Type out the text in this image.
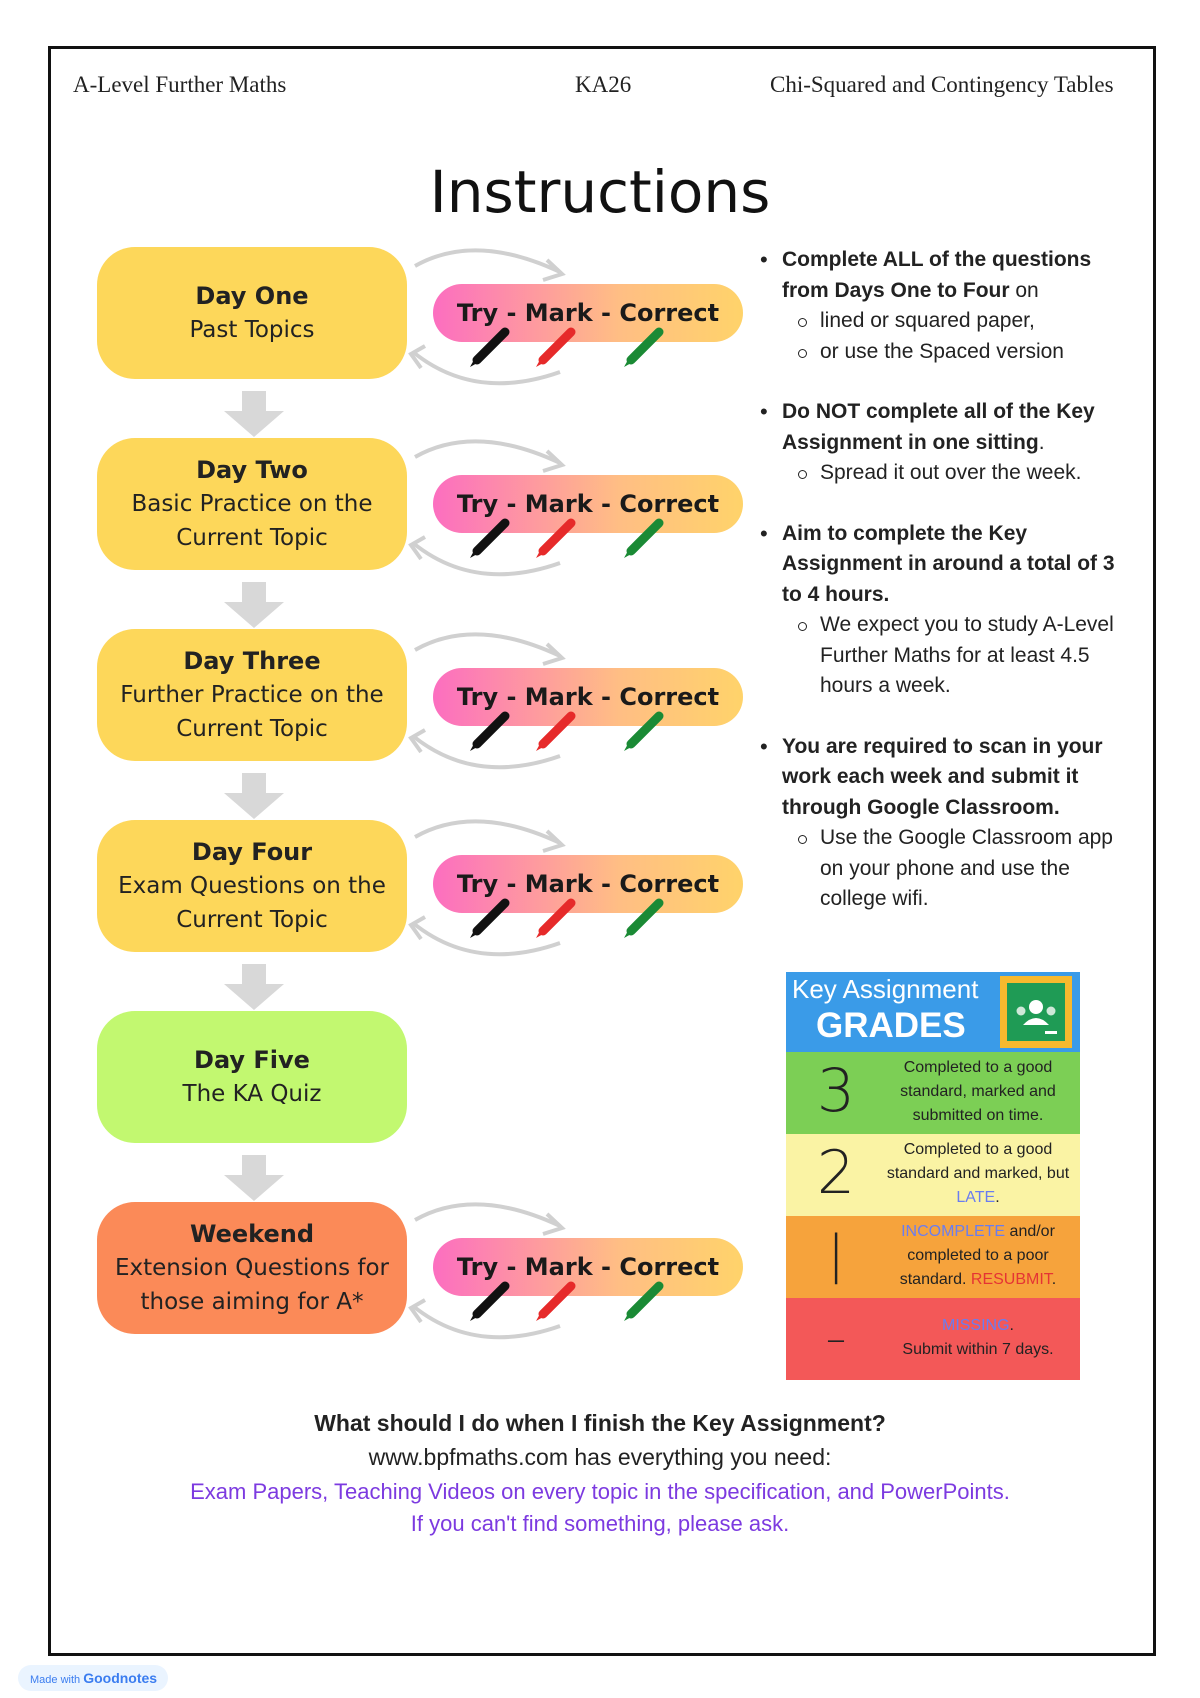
A-Level Further Maths	KA26	Chi-Squared and Contingency Tables
Instructions
Day One
Past Topics
Day Two
Basic Practice on the
Current Topic
Day Three
Further Practice on the
Current Topic
Day Four
Exam Questions on the
Current Topic
Day Five
The KA Quiz
Weekend
Extension Questions for
those aiming for A*
Try - Mark - Correct
Try - Mark - Correct
Try - Mark - Correct
Try - Mark - Correct
Try - Mark - Correct
• Complete ALL of the questions from Days One to Four on
lined or squared paper,
or use the Spaced version
• Do NOT complete all of the Key Assignment in one sitting.
Spread it out over the week.
• Aim to complete the Key Assignment in around a total of 3 to 4 hours.
We expect you to study A-Level Further Maths for at least 4.5 hours a week.
• You are required to scan in your work each week and submit it through Google Classroom.
Use the Google Classroom app on your phone and use the college wifi.
Key Assignment
GRADES
3	Completed to a good standard, marked and submitted on time.
2	Completed to a good standard and marked, but LATE.
|	INCOMPLETE and/or completed to a poor standard. RESUBMIT.
–	MISSING.
Submit within 7 days.
What should I do when I finish the Key Assignment?
www.bpfmaths.com has everything you need:
Exam Papers, Teaching Videos on every topic in the specification, and PowerPoints.
If you can't find something, please ask.
Made with Goodnotes
